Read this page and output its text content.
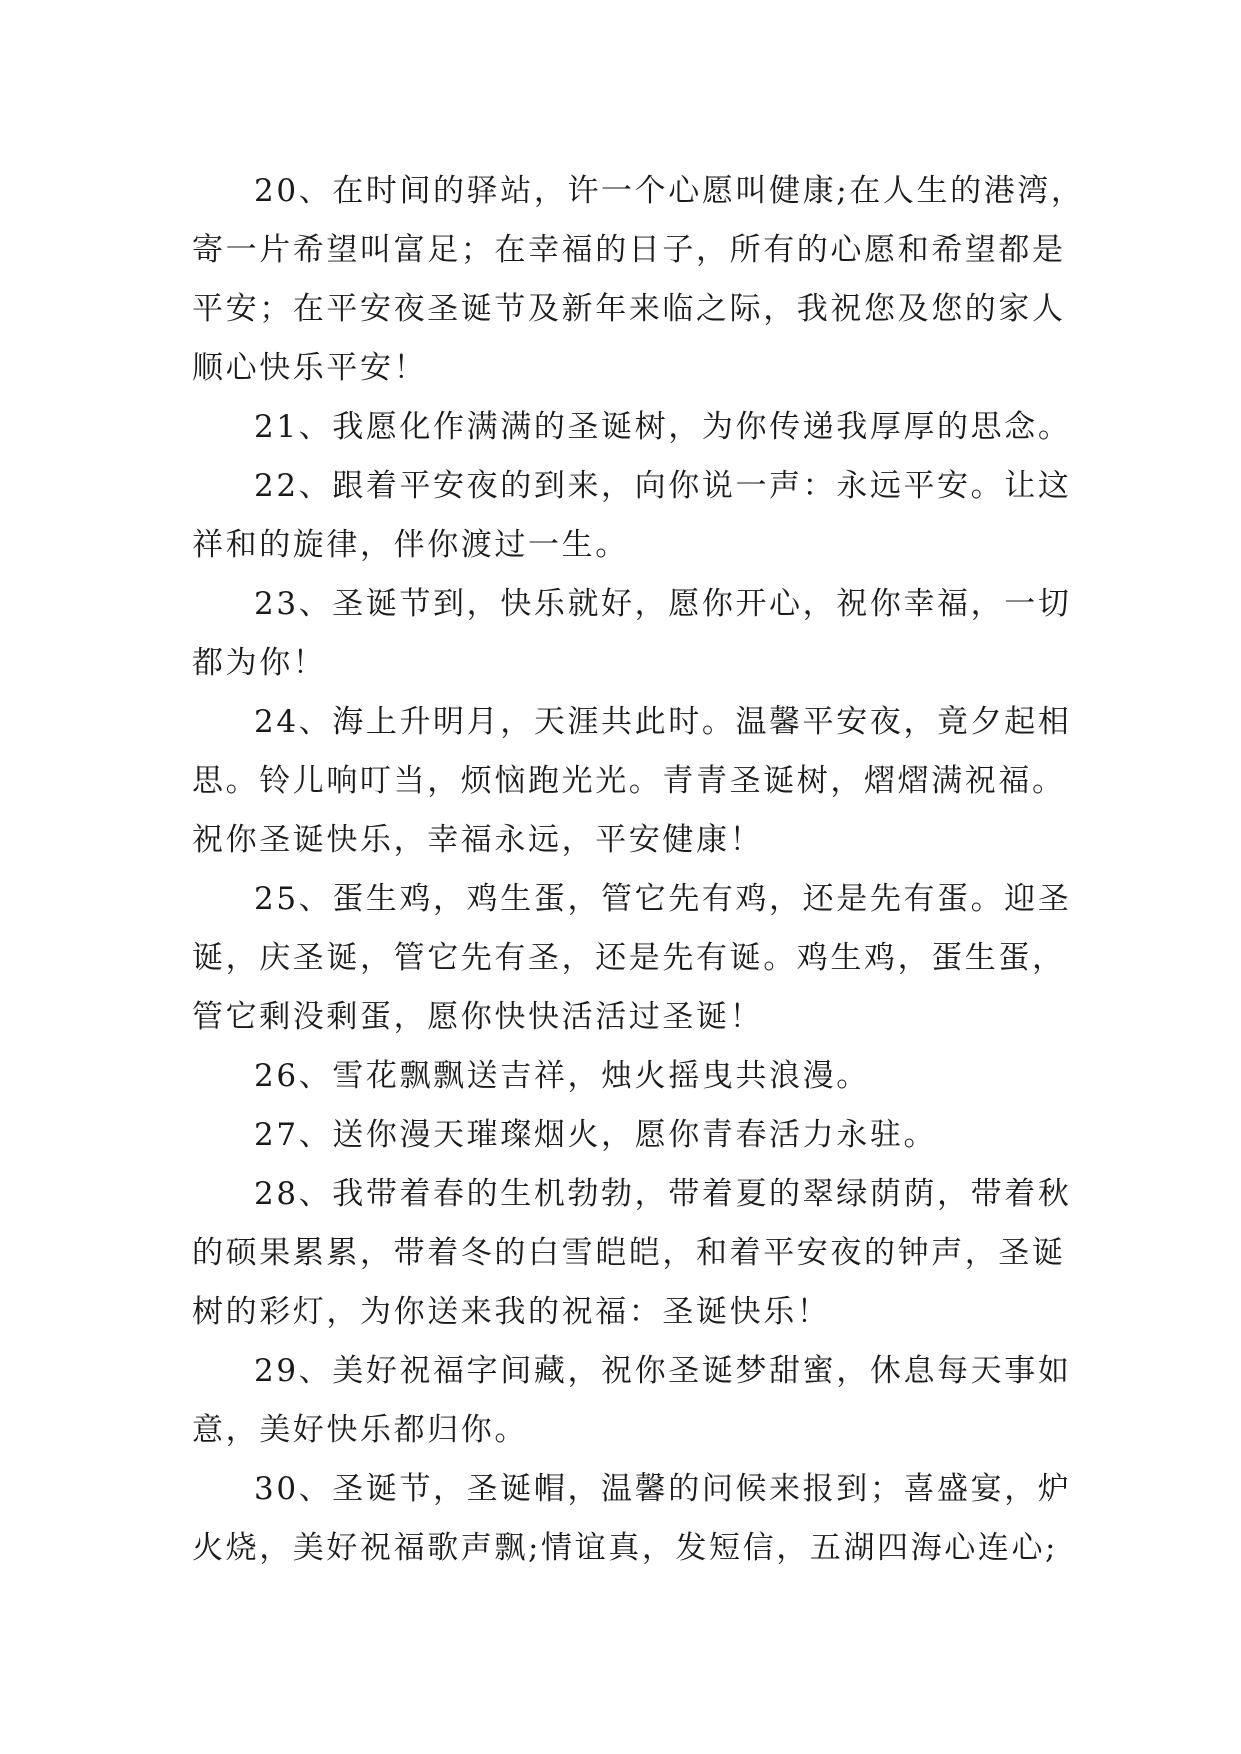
20、在时间的驿站，许一个心愿叫健康;在人生的港湾，
寄一片希望叫富足；在幸福的日子，所有的心愿和希望都是
平安；在平安夜圣诞节及新年来临之际，我祝您及您的家人
顺心快乐平安！
21、我愿化作满满的圣诞树，为你传递我厚厚的思念。
22、跟着平安夜的到来，向你说一声：永远平安。让这
祥和的旋律，伴你渡过一生。
23、圣诞节到，快乐就好，愿你开心，祝你幸福，一切
都为你！
24、海上升明月，天涯共此时。温馨平安夜，竟夕起相
思。铃儿响叮当，烦恼跑光光。青青圣诞树，熠熠满祝福。
祝你圣诞快乐，幸福永远，平安健康！
25、蛋生鸡，鸡生蛋，管它先有鸡，还是先有蛋。迎圣
诞，庆圣诞，管它先有圣，还是先有诞。鸡生鸡，蛋生蛋，
管它剩没剩蛋，愿你快快活活过圣诞！
26、雪花飘飘送吉祥，烛火摇曳共浪漫。
27、送你漫天璀璨烟火，愿你青春活力永驻。
28、我带着春的生机勃勃，带着夏的翠绿荫荫，带着秋
的硕果累累，带着冬的白雪皑皑，和着平安夜的钟声，圣诞
树的彩灯，为你送来我的祝福：圣诞快乐！
29、美好祝福字间藏，祝你圣诞梦甜蜜，休息每天事如
意，美好快乐都归你。
30、圣诞节，圣诞帽，温馨的问候来报到；喜盛宴，炉
火烧，美好祝福歌声飘;情谊真，发短信，五湖四海心连心;
